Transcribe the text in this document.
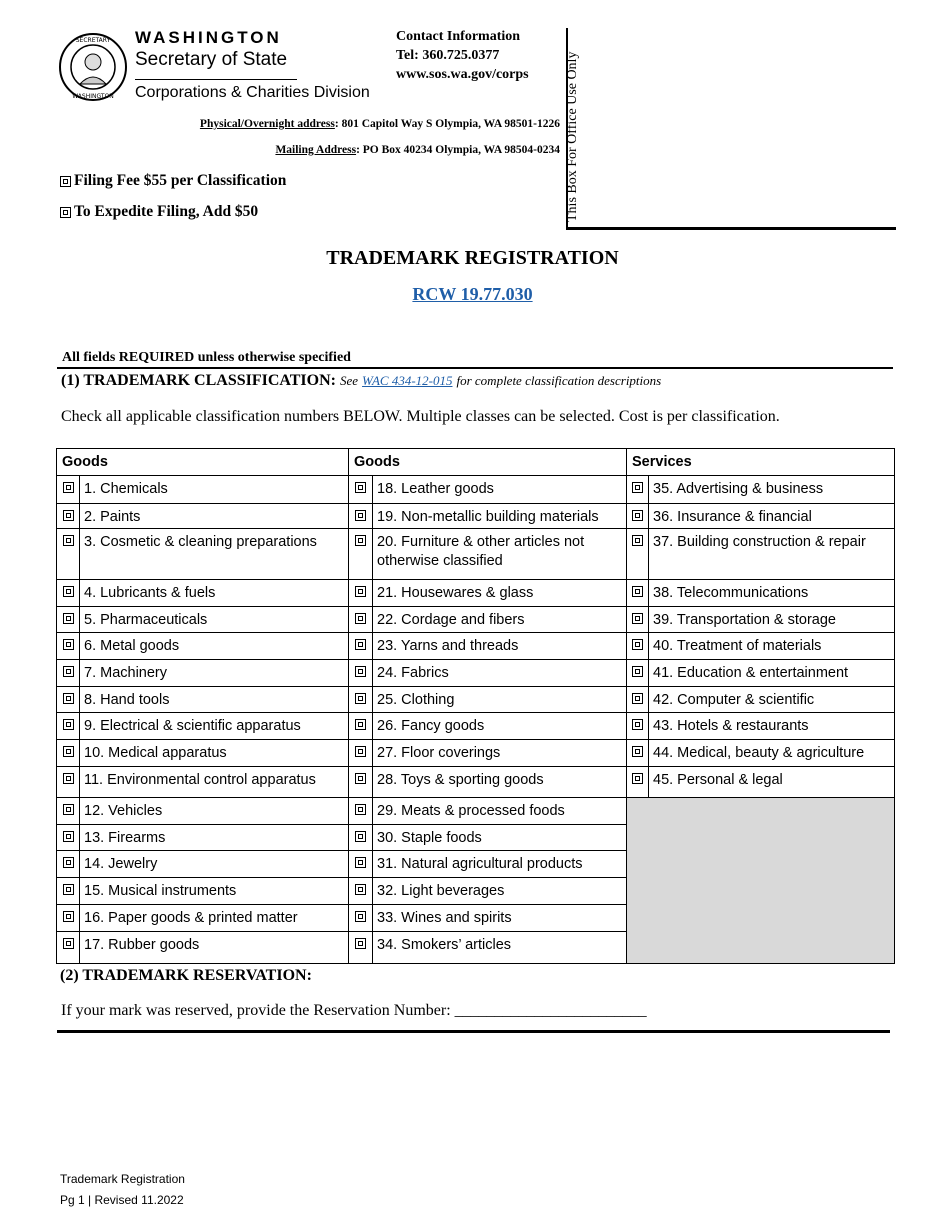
SECRETARY
WASHINGTON
WASHINGTON
Secretary of State
Corporations & Charities Division
Contact Information
Tel: 360.725.0377
www.sos.wa.gov/corps
Physical/Overnight address: 801 Capitol Way S Olympia, WA 98501-1226
Mailing Address: PO Box 40234 Olympia, WA 98504-0234 This Box For Office Use Only
Filing Fee $55 per Classification
To Expedite Filing, Add $50
TRADEMARK REGISTRATION
RCW 19.77.030
All fields REQUIRED unless otherwise specified
(1) TRADEMARK CLASSIFICATION: See WAC 434-12-015 for complete classification descriptions
Check all applicable classification numbers BELOW. Multiple classes can be selected. Cost is per classification.
Goods	Goods	Services
1. Chemicals
2. Paints
3. Cosmetic & cleaning preparations
4. Lubricants & fuels
5. Pharmaceuticals
6. Metal goods
7. Machinery
8. Hand tools
9. Electrical & scientific apparatus
10. Medical apparatus
11. Environmental control apparatus
12. Vehicles
13. Firearms
14. Jewelry
15. Musical instruments
16. Paper goods & printed matter
17. Rubber goods
18. Leather goods
19. Non-metallic building materials
20. Furniture & other articles not otherwise classified
21. Housewares & glass
22. Cordage and fibers
23. Yarns and threads
24. Fabrics
25. Clothing
26. Fancy goods
27. Floor coverings
28. Toys & sporting goods
29. Meats & processed foods
30. Staple foods
31. Natural agricultural products
32. Light beverages
33. Wines and spirits
34. Smokers’ articles
35. Advertising & business
36. Insurance & financial
37. Building construction & repair
38. Telecommunications
39. Transportation & storage
40. Treatment of materials
41. Education & entertainment
42. Computer & scientific
43. Hotels & restaurants
44. Medical, beauty & agriculture
45. Personal & legal
(2) TRADEMARK RESERVATION:
If your mark was reserved, provide the Reservation Number: ________________________
Trademark Registration
Pg 1 | Revised 11.2022
